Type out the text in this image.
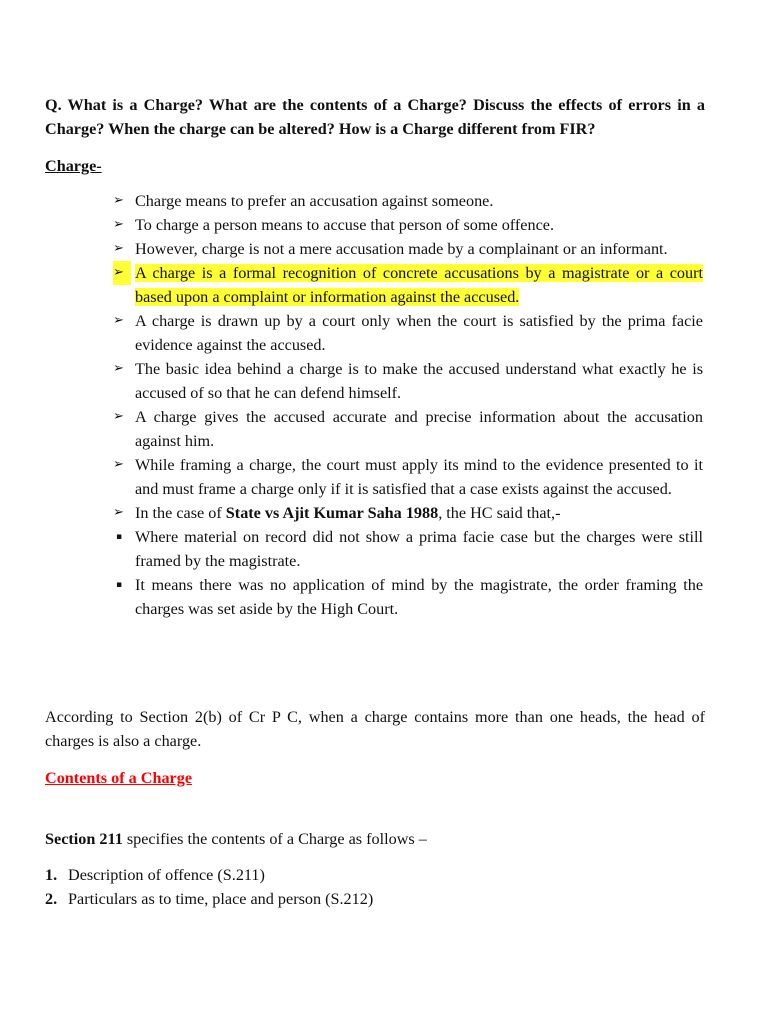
Q. What is a Charge? What are the contents of a Charge? Discuss the effects of errors in a Charge? When the charge can be altered? How is a Charge different from FIR?
Charge-
➢ Charge means to prefer an accusation against someone.
➢ To charge a person means to accuse that person of some offence.
➢ However, charge is not a mere accusation made by a complainant or an informant.
➢ A charge is a formal recognition of concrete accusations by a magistrate or a court based upon a complaint or information against the accused.
➢ A charge is drawn up by a court only when the court is satisfied by the prima facie evidence against the accused.
➢ The basic idea behind a charge is to make the accused understand what exactly he is accused of so that he can defend himself.
➢ A charge gives the accused accurate and precise information about the accusation against him.
➢ While framing a charge, the court must apply its mind to the evidence presented to it and must frame a charge only if it is satisfied that a case exists against the accused.
➢ In the case of State vs Ajit Kumar Saha 1988, the HC said that,-
▪ Where material on record did not show a prima facie case but the charges were still framed by the magistrate.
▪ It means there was no application of mind by the magistrate, the order framing the charges was set aside by the High Court.
According to Section 2(b) of Cr P C, when a charge contains more than one heads, the head of charges is also a charge.
Contents of a Charge
Section 211 specifies the contents of a Charge as follows –
1. Description of offence (S.211)
2. Particulars as to time, place and person (S.212)
